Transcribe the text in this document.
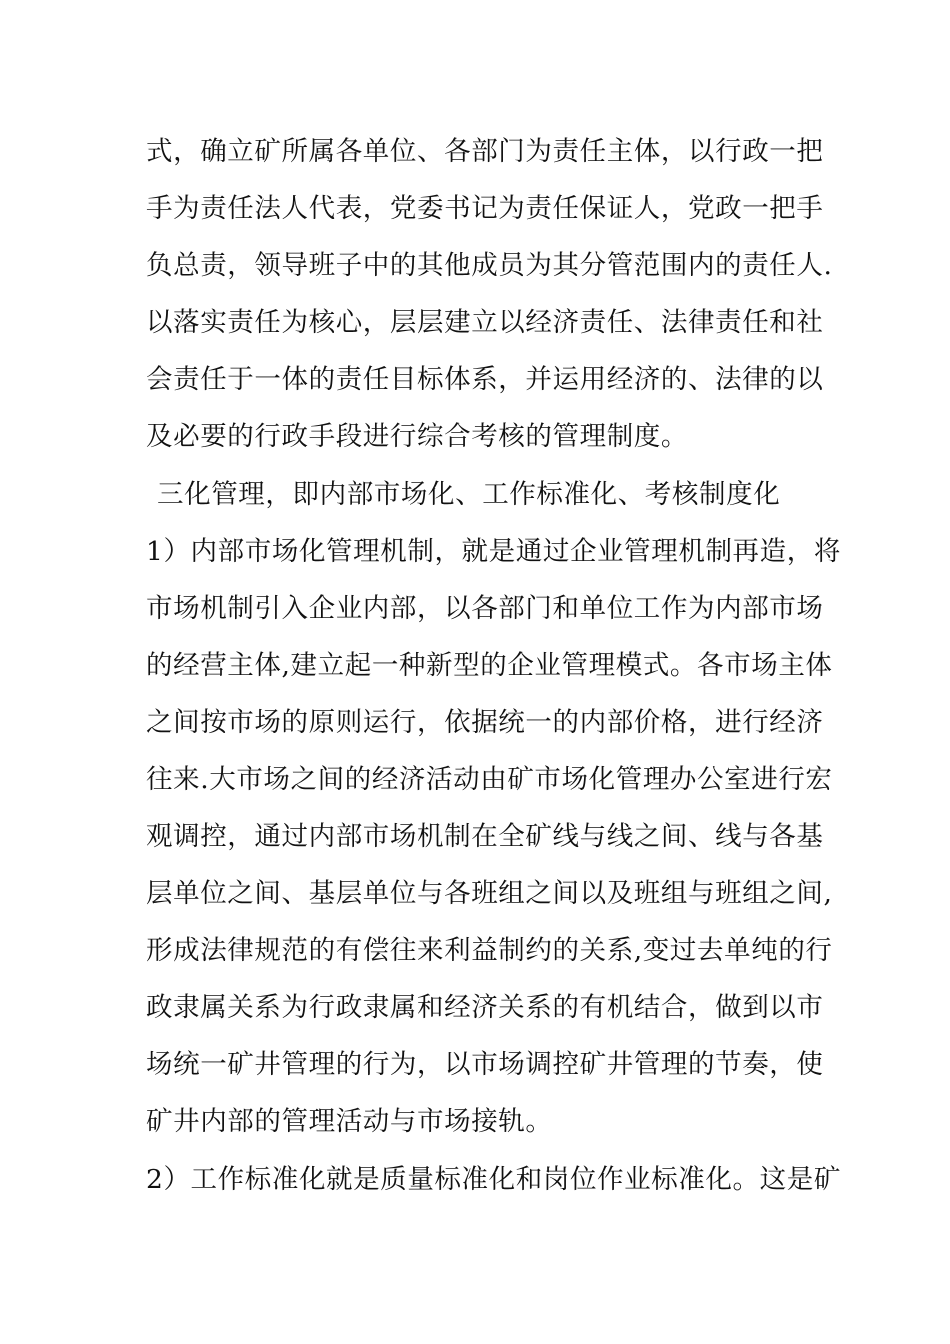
式，确立矿所属各单位、各部门为责任主体，以行政一把
手为责任法人代表，党委书记为责任保证人，党政一把手
负总责，领导班子中的其他成员为其分管范围内的责任人.
以落实责任为核心，层层建立以经济责任、法律责任和社
会责任于一体的责任目标体系，并运用经济的、法律的以
及必要的行政手段进行综合考核的管理制度。
三化管理，即内部市场化、工作标准化、考核制度化
1）内部市场化管理机制，就是通过企业管理机制再造，将
市场机制引入企业内部，以各部门和单位工作为内部市场
的经营主体,建立起一种新型的企业管理模式。各市场主体
之间按市场的原则运行，依据统一的内部价格，进行经济
往来.大市场之间的经济活动由矿市场化管理办公室进行宏
观调控，通过内部市场机制在全矿线与线之间、线与各基
层单位之间、基层单位与各班组之间以及班组与班组之间,
形成法律规范的有偿往来利益制约的关系,变过去单纯的行
政隶属关系为行政隶属和经济关系的有机结合，做到以市
场统一矿井管理的行为，以市场调控矿井管理的节奏，使
矿井内部的管理活动与市场接轨。
2）工作标准化就是质量标准化和岗位作业标准化。这是矿
